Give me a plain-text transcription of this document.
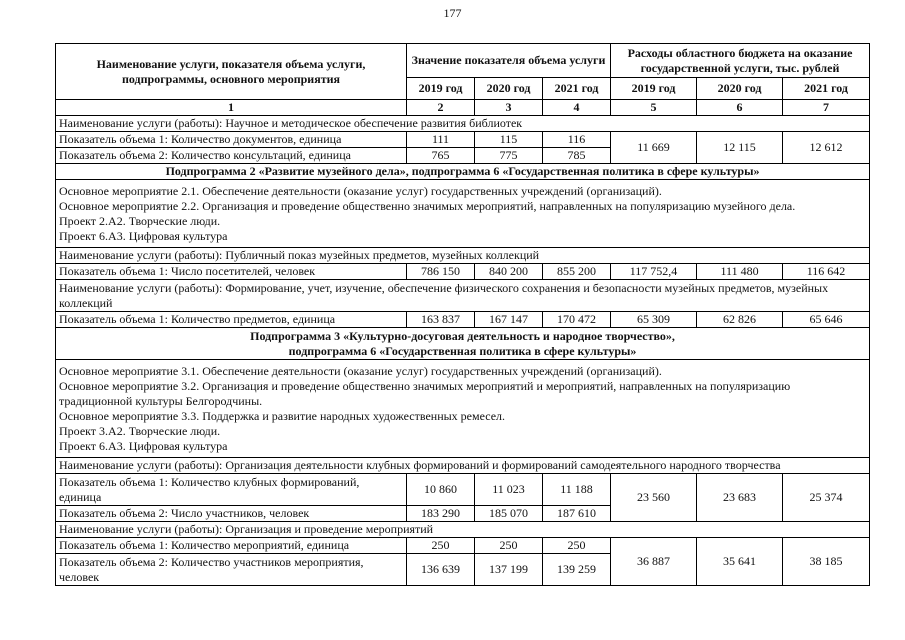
177
Наименование услуги, показателя объема услуги, подпрограммы, основного мероприятия	Значение показателя объема услуги			Расходы областного бюджета на оказание государственной услуги, тыс. рублей		
	2019 год	2020 год	2021 год	2019 год	2020 год	2021 год
1	2	3	4	5	6	7
Наименование услуги (работы): Научное и методическое обеспечение развития библиотек						
Показатель объема 1: Количество документов, единица	111	115	116	11 669	12 115	12 612
Показатель объема 2: Количество консультаций, единица	765	775	785			
Подпрограмма 2 «Развитие музейного дела», подпрограмма 6 «Государственная политика в сфере культуры»						

Основное мероприятие 2.1. Обеспечение деятельности (оказание услуг) государственных учреждений (организаций).
Основное мероприятие 2.2. Организация и проведение общественно значимых мероприятий, направленных на популяризацию музейного дела.
Проект 2.А2. Творческие люди.
Проект 6.А3. Цифровая культура						

Наименование услуги (работы): Публичный показ музейных предметов, музейных коллекций						
Показатель объема 1: Число посетителей, человек	786 150	840 200	855 200	117 752,4	111 480	116 642
Наименование услуги (работы): Формирование, учет, изучение, обеспечение физического сохранения и безопасности музейных предметов, музейных коллекций						
Показатель объема 1: Количество предметов, единица	163 837	167 147	170 472	65 309	62 826	65 646

Подпрограмма 3 «Культурно-досуговая деятельность и народное творчество»,
подпрограмма 6 «Государственная политика в сфере культуры»						

Основное мероприятие 3.1. Обеспечение деятельности (оказание услуг) государственных учреждений (организаций).
Основное мероприятие 3.2. Организация и проведение общественно значимых мероприятий и мероприятий, направленных на популяризацию традиционной культуры Белгородчины.
Основное мероприятие 3.3. Поддержка и развитие народных художественных ремесел.
Проект 3.А2. Творческие люди.
Проект 6.А3. Цифровая культура						

Наименование услуги (работы): Организация деятельности клубных формирований и формирований самодеятельного народного творчества						
Показатель объема 1: Количество клубных формирований, единица	10 860	11 023	11 188	23 560	23 683	25 374
Показатель объема 2: Число участников, человек	183 290	185 070	187 610			
Наименование услуги (работы): Организация и проведение мероприятий						
Показатель объема 1: Количество мероприятий, единица	250	250	250	36 887	35 641	38 185
Показатель объема 2: Количество участников мероприятия, человек	136 639	137 199	139 259			
